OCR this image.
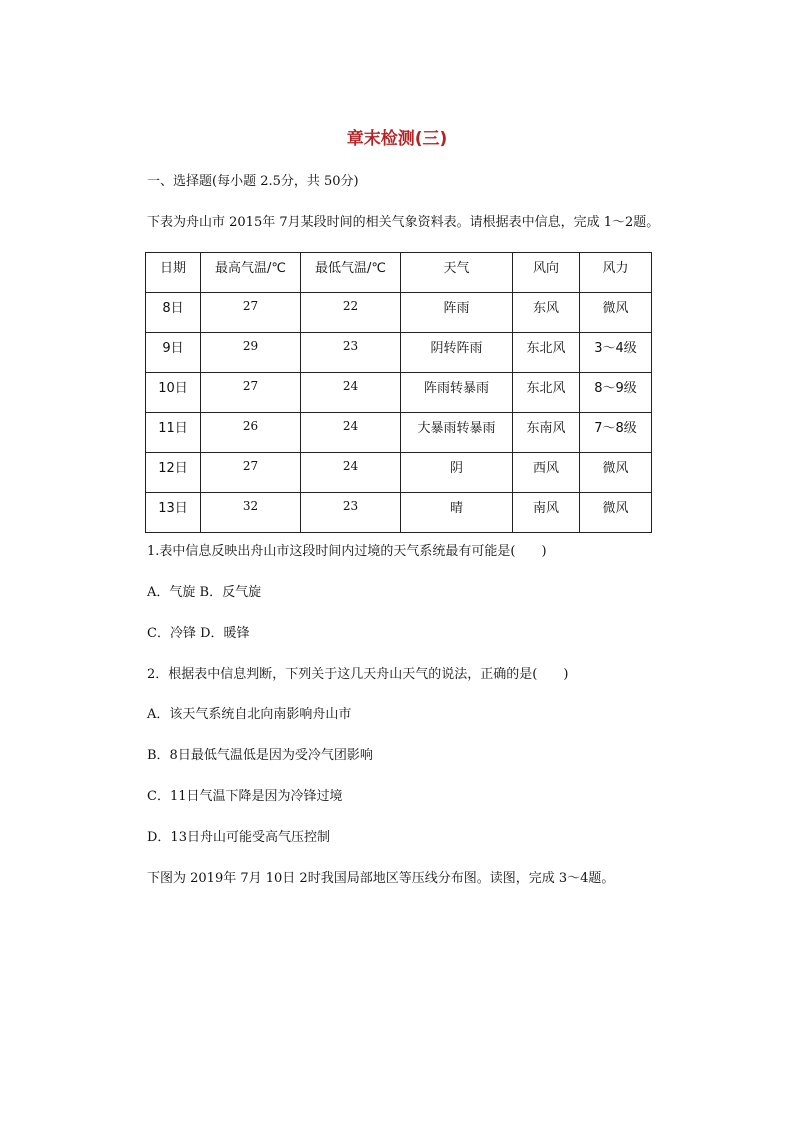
章末检测(三)
一、选择题(每小题 2.5分，共 50分)
下表为舟山市 2015年 7月某段时间的相关气象资料表。请根据表中信息，完成 1～2题。
日期	最高气温/℃	最低气温/℃	天气	风向	风力
8日	27	22	阵雨	东风	微风
9日	29	23	阴转阵雨	东北风	3～4级
10日	27	24	阵雨转暴雨	东北风	8～9级
11日	26	24	大暴雨转暴雨	东南风	7～8级
12日	27	24	阴	西风	微风
13日	32	23	晴	南风	微风
1.表中信息反映出舟山市这段时间内过境的天气系统最有可能是(　　)
A．气旋 B．反气旋
C．冷锋 D．暖锋
2．根据表中信息判断，下列关于这几天舟山天气的说法，正确的是(　　)
A．该天气系统自北向南影响舟山市
B．8日最低气温低是因为受冷气团影响
C．11日气温下降是因为冷锋过境
D．13日舟山可能受高气压控制
下图为 2019年 7月 10日 2时我国局部地区等压线分布图。读图，完成 3～4题。
